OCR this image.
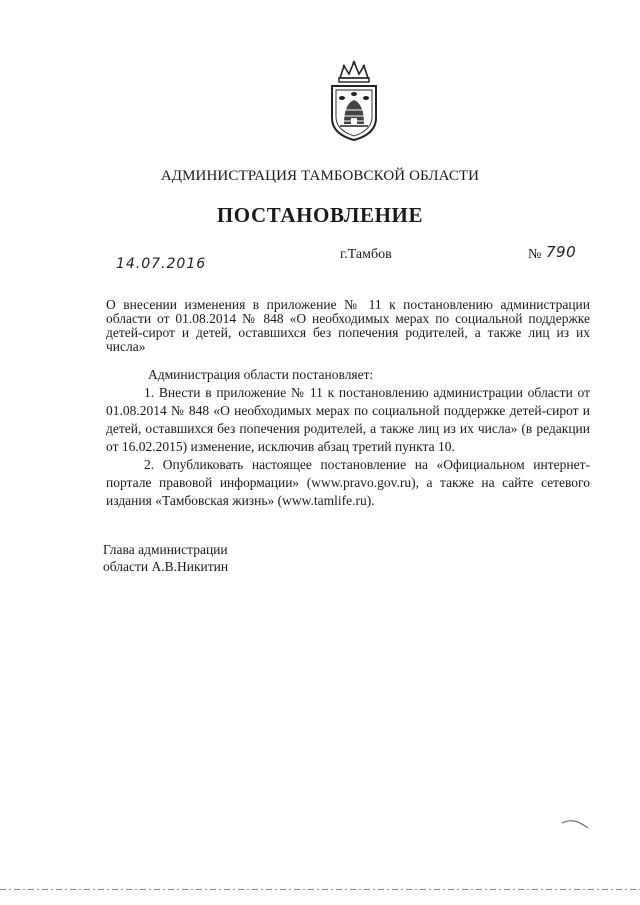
АДМИНИСТРАЦИЯ ТАМБОВСКОЙ ОБЛАСТИ
ПОСТАНОВЛЕНИЕ
14.07.2016
г.Тамбов	№ 790
О внесении изменения в приложение № 11 к постановлению администрации области от 01.08.2014 № 848 «О необходимых мерах по социальной поддержке детей-сирот и детей, оставшихся без попечения родителей, а также лиц из их числа»

Администрация области постановляет:

1. Внести в приложение № 11 к постановлению администрации области от 01.08.2014 № 848 «О необходимых мерах по социальной поддержке детей-сирот и детей, оставшихся без попечения родителей, а также лиц из их числа» (в редакции от 16.02.2015) изменение, исключив абзац третий пункта 10.

2. Опубликовать настоящее постановление на «Официальном интернет-портале правовой информации» (www.pravo.gov.ru), а также на сайте сетевого издания «Тамбовская жизнь» (www.tamlife.ru).

Глава администрации
области А.В.Никитин
